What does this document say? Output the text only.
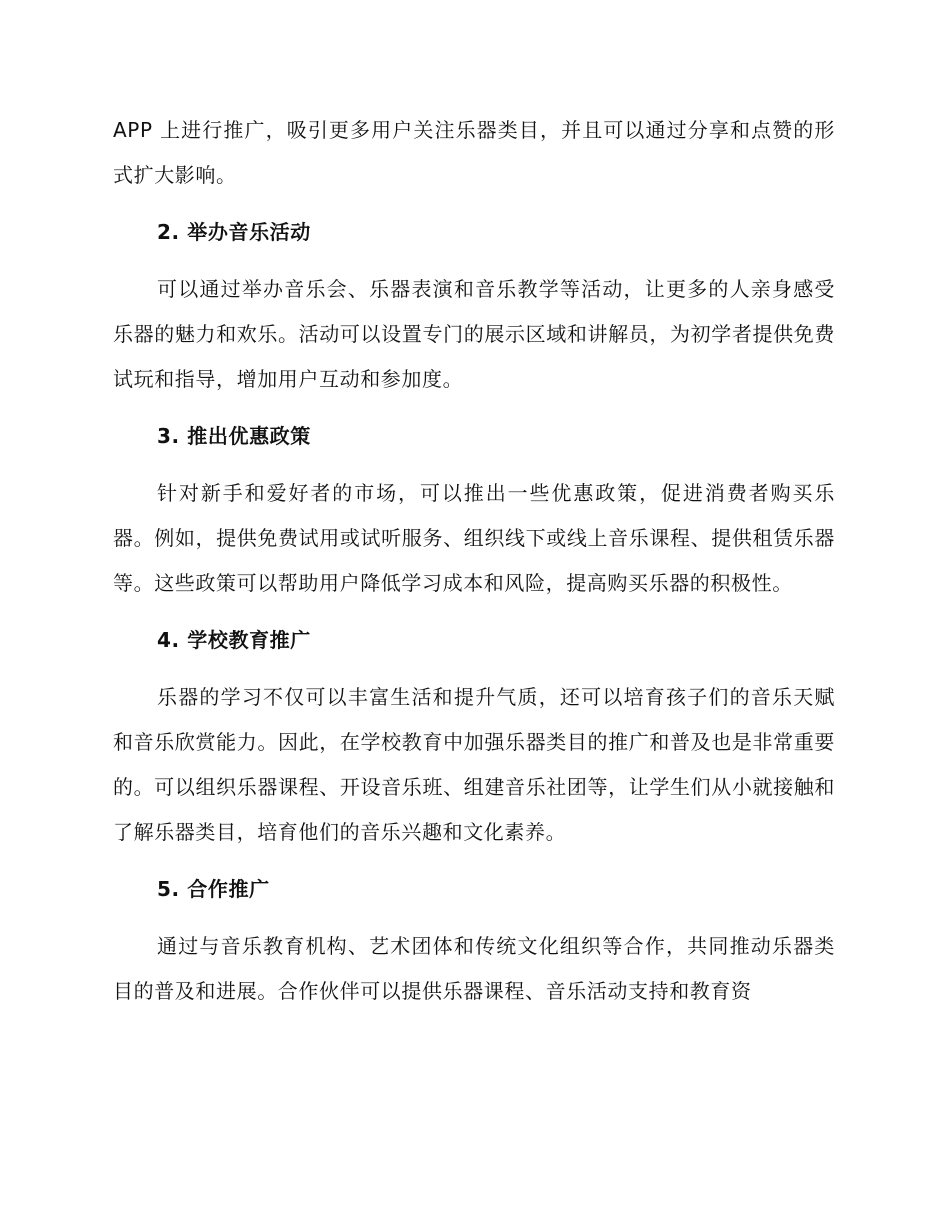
APP 上进行推广，吸引更多用户关注乐器类目，并且可以通过分享和点赞的形式扩大影响。

2. 举办音乐活动

可以通过举办音乐会、乐器表演和音乐教学等活动，让更多的人亲身感受乐器的魅力和欢乐。活动可以设置专门的展示区域和讲解员，为初学者提供免费试玩和指导，增加用户互动和参加度。

3. 推出优惠政策

针对新手和爱好者的市场，可以推出一些优惠政策，促进消费者购买乐器。例如，提供免费试用或试听服务、组织线下或线上音乐课程、提供租赁乐器等。这些政策可以帮助用户降低学习成本和风险，提高购买乐器的积极性。

4. 学校教育推广

乐器的学习不仅可以丰富生活和提升气质，还可以培育孩子们的音乐天赋和音乐欣赏能力。因此，在学校教育中加强乐器类目的推广和普及也是非常重要的。可以组织乐器课程、开设音乐班、组建音乐社团等，让学生们从小就接触和了解乐器类目，培育他们的音乐兴趣和文化素养。

5. 合作推广

通过与音乐教育机构、艺术团体和传统文化组织等合作，共同推动乐器类目的普及和进展。合作伙伴可以提供乐器课程、音乐活动支持和教育资
